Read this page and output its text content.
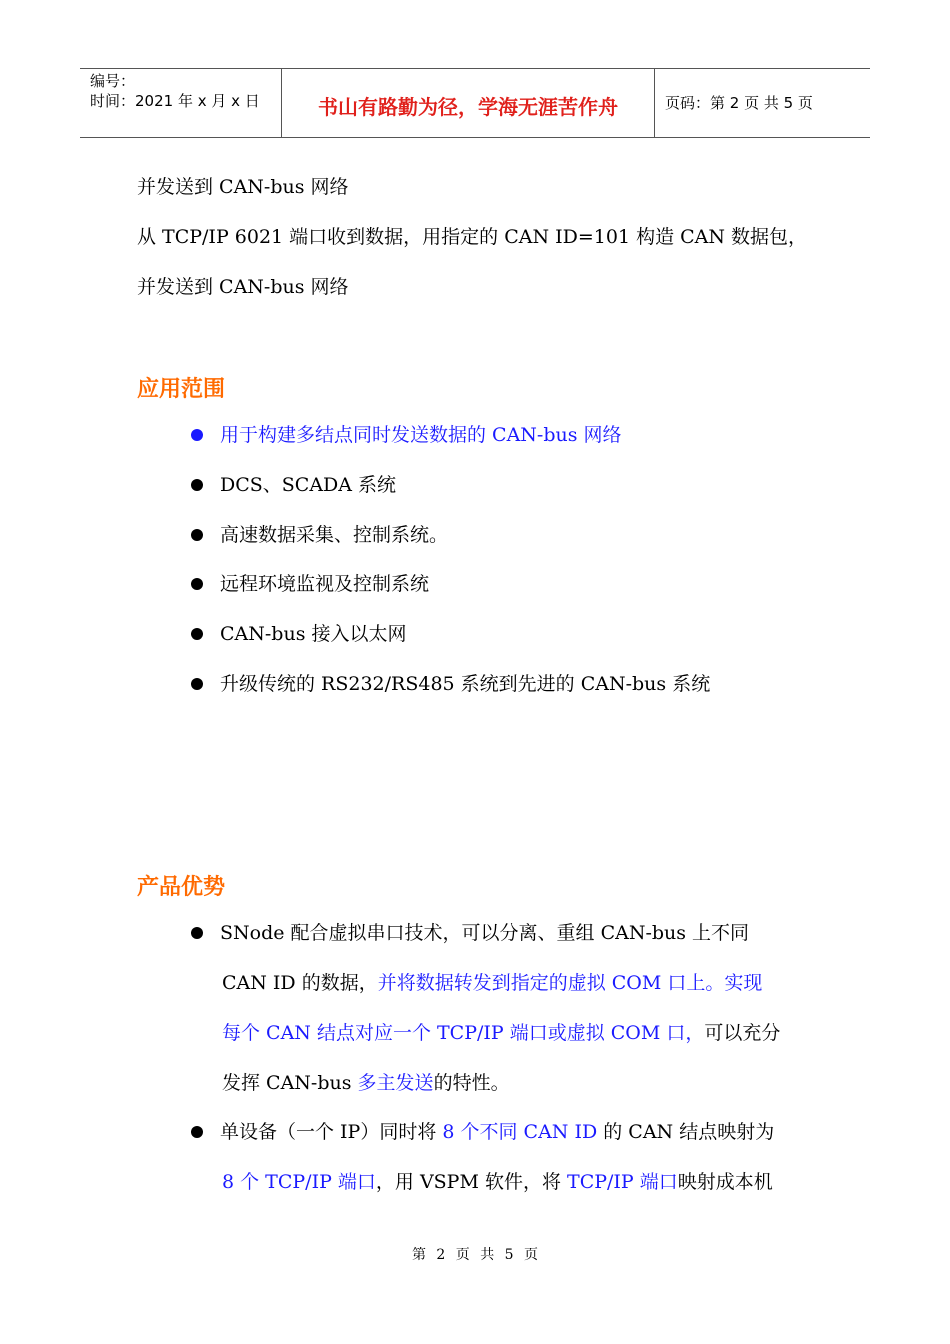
编号：
时间：2021 年 x 月 x 日	书山有路勤为径，学海无涯苦作舟	页码：第 2 页 共 5 页
并发送到 CAN-bus 网络
从 TCP/IP 6021 端口收到数据，用指定的 CAN ID=101 构造 CAN 数据包，
并发送到 CAN-bus 网络
应用范围
用于构建多结点同时发送数据的 CAN-bus 网络
DCS、SCADA 系统
高速数据采集、控制系统。
远程环境监视及控制系统
CAN-bus 接入以太网
升级传统的 RS232/RS485 系统到先进的 CAN-bus 系统
产品优势
SNode 配合虚拟串口技术，可以分离、重组 CAN-bus 上不同
CAN ID 的数据，并将数据转发到指定的虚拟 COM 口上。实现
每个 CAN 结点对应一个 TCP/IP 端口或虚拟 COM 口，可以充分
发挥 CAN-bus 多主发送的特性。
单设备（一个 IP）同时将 8 个不同 CAN ID 的 CAN 结点映射为
8 个 TCP/IP 端口，用 VSPM 软件，将 TCP/IP 端口映射成本机
第 2 页 共 5 页
